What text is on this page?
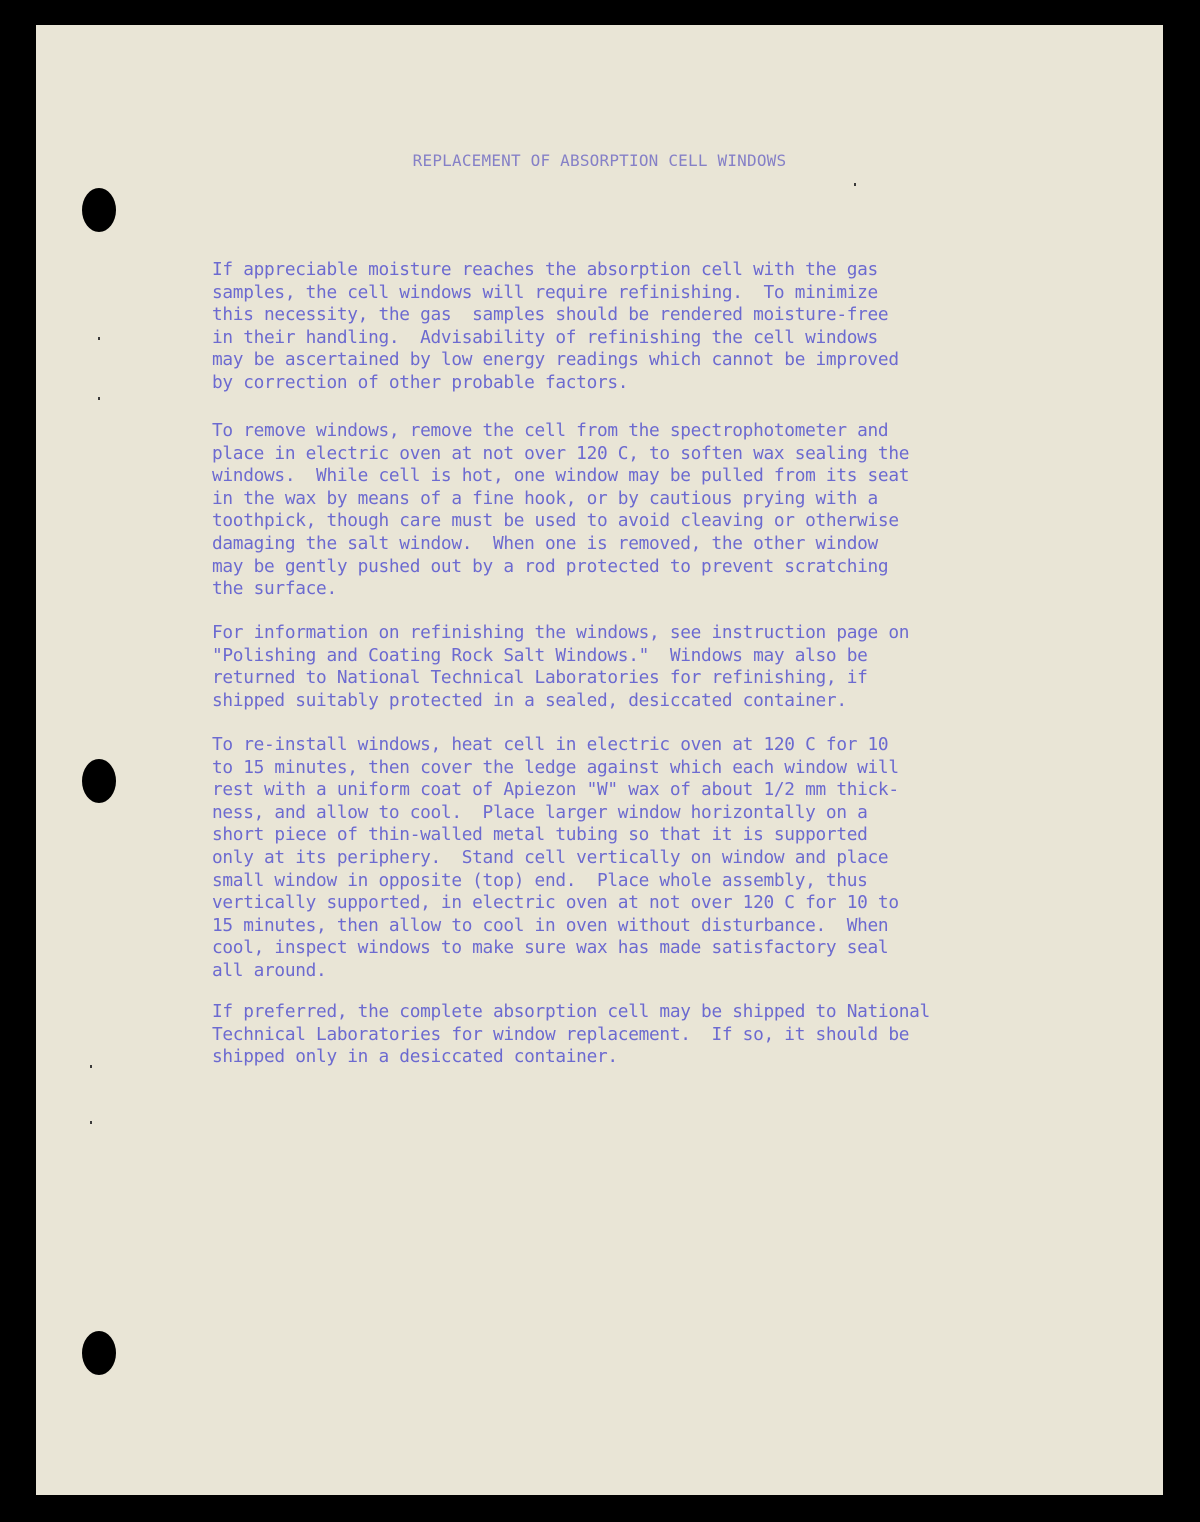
REPLACEMENT OF ABSORPTION CELL WINDOWS

If appreciable moisture reaches the absorption cell with the gas
samples, the cell windows will require refinishing.  To minimize
this necessity, the gas  samples should be rendered moisture-free
in their handling.  Advisability of refinishing the cell windows
may be ascertained by low energy readings which cannot be improved
by correction of other probable factors.

To remove windows, remove the cell from the spectrophotometer and
place in electric oven at not over 120 C, to soften wax sealing the
windows.  While cell is hot, one window may be pulled from its seat
in the wax by means of a fine hook, or by cautious prying with a
toothpick, though care must be used to avoid cleaving or otherwise
damaging the salt window.  When one is removed, the other window
may be gently pushed out by a rod protected to prevent scratching
the surface.

For information on refinishing the windows, see instruction page on
"Polishing and Coating Rock Salt Windows."  Windows may also be
returned to National Technical Laboratories for refinishing, if
shipped suitably protected in a sealed, desiccated container.

To re-install windows, heat cell in electric oven at 120 C for 10
to 15 minutes, then cover the ledge against which each window will
rest with a uniform coat of Apiezon "W" wax of about 1/2 mm thick-
ness, and allow to cool.  Place larger window horizontally on a
short piece of thin-walled metal tubing so that it is supported
only at its periphery.  Stand cell vertically on window and place
small window in opposite (top) end.  Place whole assembly, thus
vertically supported, in electric oven at not over 120 C for 10 to
15 minutes, then allow to cool in oven without disturbance.  When
cool, inspect windows to make sure wax has made satisfactory seal
all around.

If preferred, the complete absorption cell may be shipped to National
Technical Laboratories for window replacement.  If so, it should be
shipped only in a desiccated container.
